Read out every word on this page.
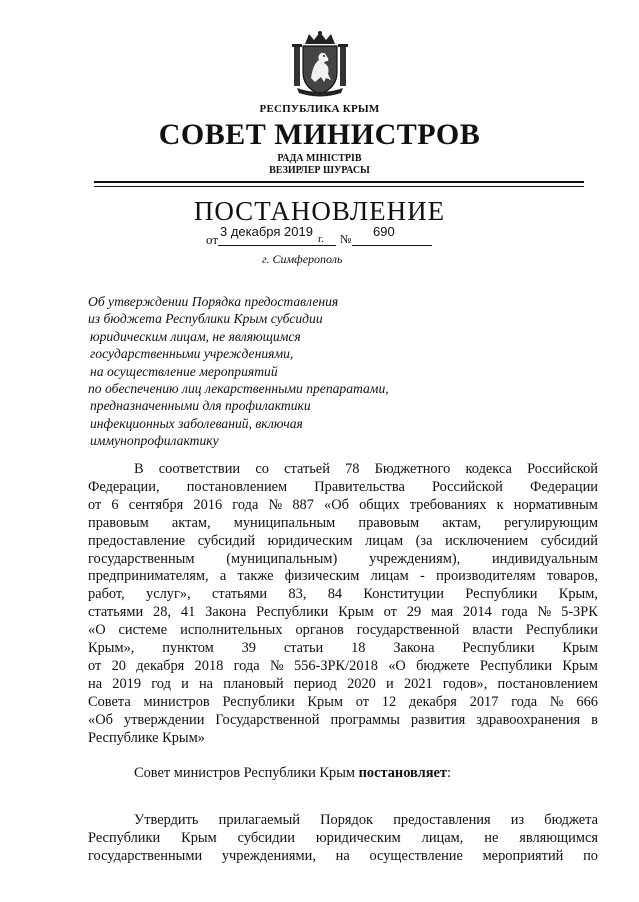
РЕСПУБЛИКА КРЫМ
СОВЕТ МИНИСТРОВ
РАДА МІНІСТРІВ
ВЕЗИРЛЕР ШУРАСЫ
ПОСТАНОВЛЕНИЕ
от
3 декабря 2019 г. № 690
г. Симферополь
Об утверждении Порядка предоставления
из бюджета Республики Крым субсидии
юридическим лицам, не являющимся
государственными учреждениями,
на осуществление мероприятий
по обеспечению лиц лекарственными препаратами,
предназначенными для профилактики
инфекционных заболеваний, включая
иммунопрофилактику
В соответствии со статьей 78 Бюджетного кодекса Российской
Федерации, постановлением Правительства Российской Федерации
от 6 сентября 2016 года № 887 «Об общих требованиях к нормативным
правовым актам, муниципальным правовым актам, регулирующим
предоставление субсидий юридическим лицам (за исключением субсидий
государственным (муниципальным) учреждениям), индивидуальным
предпринимателям, а также физическим лицам - производителям товаров,
работ, услуг», статьями 83, 84 Конституции Республики Крым,
статьями 28, 41 Закона Республики Крым от 29 мая 2014 года № 5-ЗРК
«О системе исполнительных органов государственной власти Республики
Крым», пунктом 39 статьи 18 Закона Республики Крым
от 20 декабря 2018 года № 556-ЗРК/2018 «О бюджете Республики Крым
на 2019 год и на плановый период 2020 и 2021 годов», постановлением
Совета министров Республики Крым от 12 декабря 2017 года № 666
«Об утверждении Государственной программы развития здравоохранения в
Республике Крым»
Совет министров Республики Крым постановляет:
Утвердить прилагаемый Порядок предоставления из бюджета
Республики Крым субсидии юридическим лицам, не являющимся
государственными учреждениями, на осуществление мероприятий по
